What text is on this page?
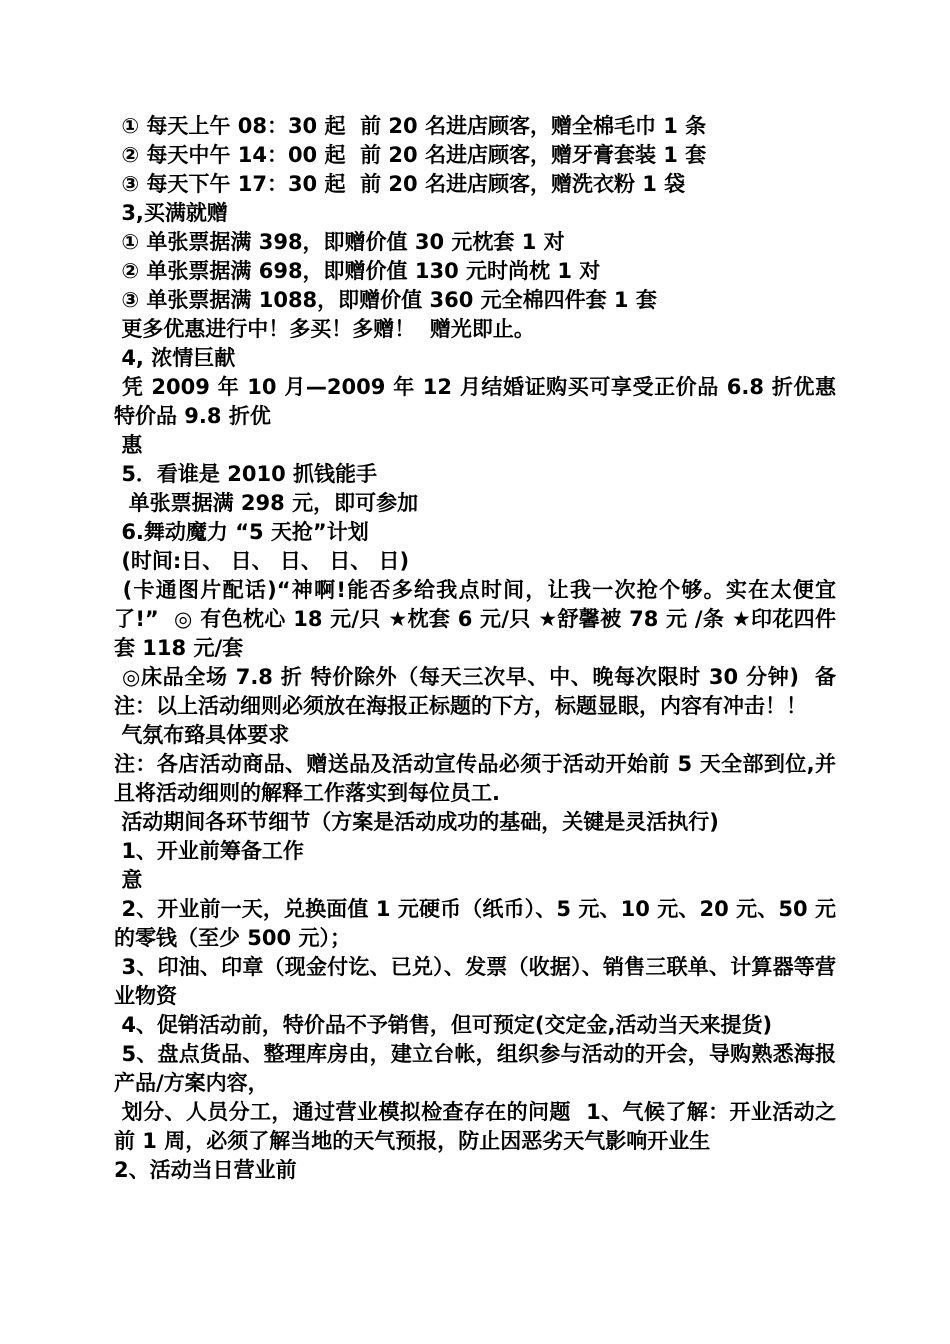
① 每天上午 08：30 起  前 20 名进店顾客，赠全棉毛巾 1 条

② 每天中午 14：00 起  前 20 名进店顾客，赠牙膏套装 1 套

③ 每天下午 17：30 起  前 20 名进店顾客，赠洗衣粉 1 袋

3,买满就赠

① 单张票据满 398，即赠价值 30 元枕套 1 对

② 单张票据满 698，即赠价值 130 元时尚枕 1 对

③ 单张票据满 1088，即赠价值 360 元全棉四件套 1 套

更多优惠进行中！多买！多赠！  赠光即止。

4, 浓情巨献

凭 2009 年 10 月—2009 年 12 月结婚证购买可享受正价品 6.8 折优惠特价品 9.8 折优

惠

5．看谁是 2010 抓钱能手

单张票据满 298 元，即可参加

6.舞动魔力 “5 天抢”计划

(时间:日、 日、 日、 日、 日)

(卡通图片配话)“神啊!能否多给我点时间，让我一次抢个够。实在太便宜了!”  ◎ 有色枕心 18 元/只 ★枕套 6 元/只 ★舒馨被 78 元 /条 ★印花四件套 118 元/套

◎床品全场 7.8 折 特价除外（每天三次早、中、晚每次限时 30 分钟)  备注：以上活动细则必须放在海报正标题的下方，标题显眼，内容有冲击！！

气氛布臵具体要求

注：各店活动商品、赠送品及活动宣传品必须于活动开始前 5 天全部到位,并且将活动细则的解释工作落实到每位员工.

活动期间各环节细节（方案是活动成功的基础，关键是灵活执行)

1、开业前筹备工作

意

2、开业前一天，兑换面值 1 元硬币（纸币）、5 元、10 元、20 元、50 元的零钱（至少 500 元）；

3、印油、印章（现金付讫、已兑）、发票（收据）、销售三联单、计算器等营业物资

4、促销活动前，特价品不予销售，但可预定(交定金,活动当天来提货)

5、盘点货品、整理库房由，建立台帐，组织参与活动的开会，导购熟悉海报产品/方案内容，

划分、人员分工，通过营业模拟检查存在的问题  1、气候了解：开业活动之前 1 周，必须了解当地的天气预报，防止因恶劣天气影响开业生

2、活动当日营业前
